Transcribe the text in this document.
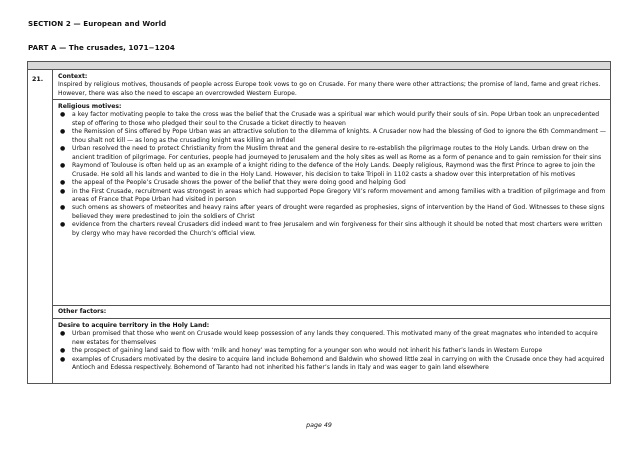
SECTION 2 — European and World
PART A — The crusades, 1071−1204
21. Context:
Inspired by religious motives, thousands of people across Europe took vows to go on Crusade. For many there were other attractions; the promise of land, fame and great riches. However, there was also the need to escape an overcrowded Western Europe.
Religious motives:
● a key factor motivating people to take the cross was the belief that the Crusade was a spiritual war which would purify their souls of sin. Pope Urban took an unprecedented step of offering to those who pledged their soul to the Crusade a ticket directly to heaven
● the Remission of Sins offered by Pope Urban was an attractive solution to the dilemma of knights. A Crusader now had the blessing of God to ignore the 6th Commandment — thou shalt not kill — as long as the crusading knight was killing an Infidel
● Urban resolved the need to protect Christianity from the Muslim threat and the general desire to re-establish the pilgrimage routes to the Holy Lands. Urban drew on the ancient tradition of pilgrimage. For centuries, people had journeyed to Jerusalem and the holy sites as well as Rome as a form of penance and to gain remission for their sins
● Raymond of Toulouse is often held up as an example of a knight riding to the defence of the Holy Lands. Deeply religious, Raymond was the first Prince to agree to join the Crusade. He sold all his lands and wanted to die in the Holy Land. However, his decision to take Tripoli in 1102 casts a shadow over this interpretation of his motives
● the appeal of the People’s Crusade shows the power of the belief that they were doing good and helping God
● in the First Crusade, recruitment was strongest in areas which had supported Pope Gregory VII’s reform movement and among families with a tradition of pilgrimage and from areas of France that Pope Urban had visited in person
● such omens as showers of meteorites and heavy rains after years of drought were regarded as prophesies, signs of intervention by the Hand of God. Witnesses to these signs believed they were predestined to join the soldiers of Christ
● evidence from the charters reveal Crusaders did indeed want to free Jerusalem and win forgiveness for their sins although it should be noted that most charters were written by clergy who may have recorded the Church’s official view.
Other factors:
Desire to acquire territory in the Holy Land:
● Urban promised that those who went on Crusade would keep possession of any lands they conquered. This motivated many of the great magnates who intended to acquire new estates for themselves
● the prospect of gaining land said to flow with ‘milk and honey’ was tempting for a younger son who would not inherit his father’s lands in Western Europe
● examples of Crusaders motivated by the desire to acquire land include Bohemond and Baldwin who showed little zeal in carrying on with the Crusade once they had acquired Antioch and Edessa respectively. Bohemond of Taranto had not inherited his father’s lands in Italy and was eager to gain land elsewhere
page 49
